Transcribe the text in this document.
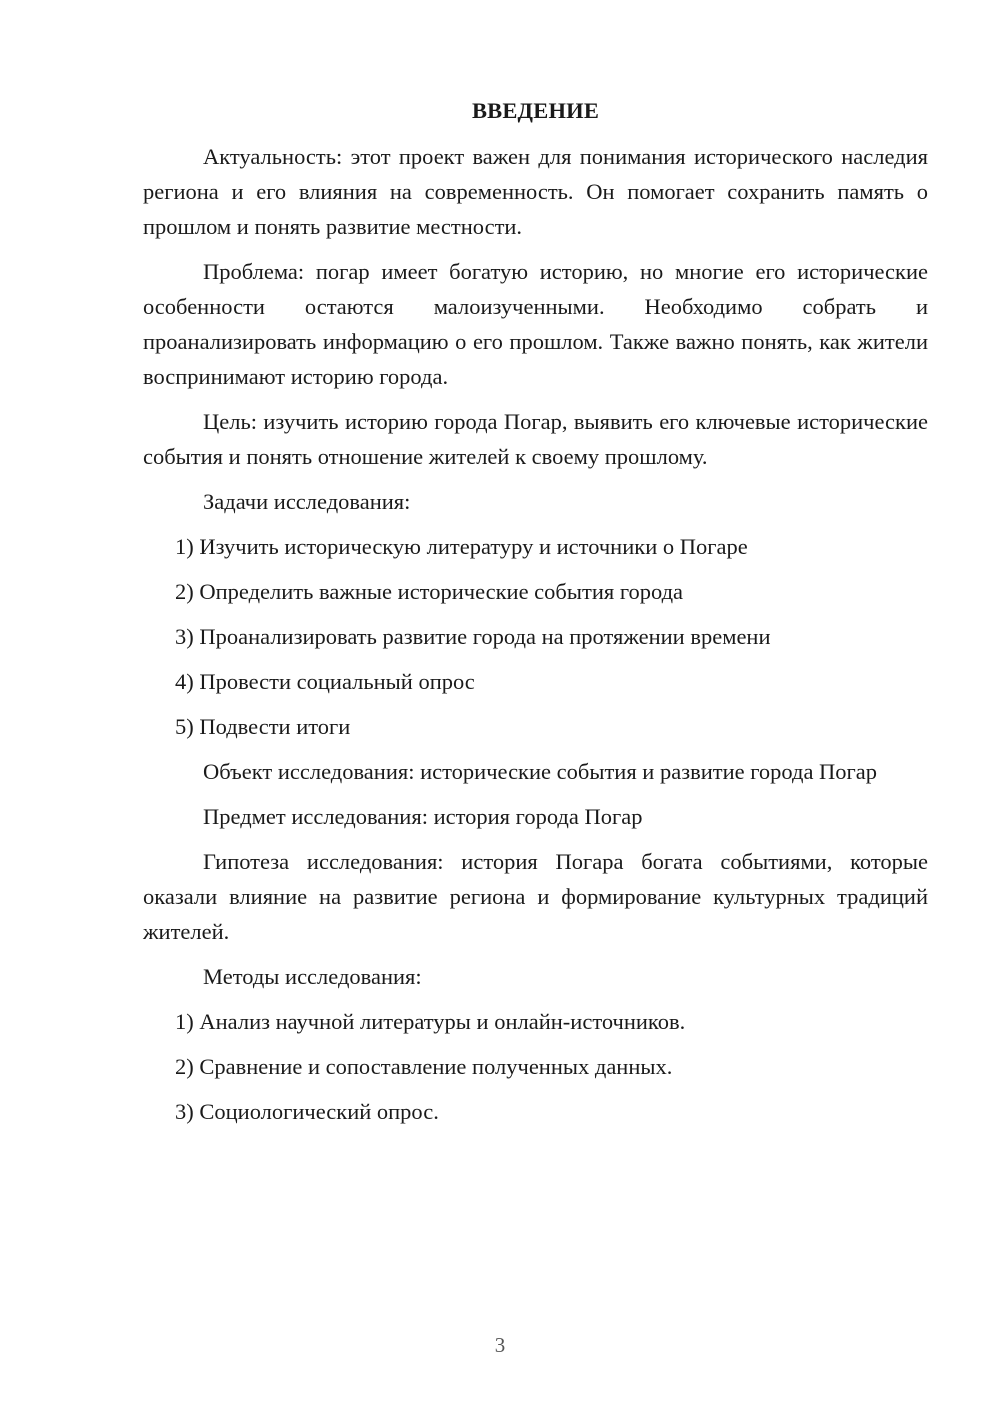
ВВЕДЕНИЕ

Актуальность: этот проект важен для понимания исторического наследия региона и его влияния на современность. Он помогает сохранить память о прошлом и понять развитие местности.

Проблема: погар имеет богатую историю, но многие его исторические особенности остаются малоизученными. Необходимо собрать и проанализировать информацию о его прошлом. Также важно понять, как жители воспринимают историю города.

Цель: изучить историю города Погар, выявить его ключевые исторические события и понять отношение жителей к своему прошлому.

Задачи исследования:

1) Изучить историческую литературу и источники о Погаре

2) Определить важные исторические события города

3) Проанализировать развитие города на протяжении времени

4) Провести социальный опрос

5) Подвести итоги

Объект исследования: исторические события и развитие города Погар

Предмет исследования: история города Погар

Гипотеза исследования: история Погара богата событиями, которые оказали влияние на развитие региона и формирование культурных традиций жителей.

Методы исследования:

1) Анализ научной литературы и онлайн-источников.

2) Сравнение и сопоставление полученных данных.

3) Социологический опрос.

3
